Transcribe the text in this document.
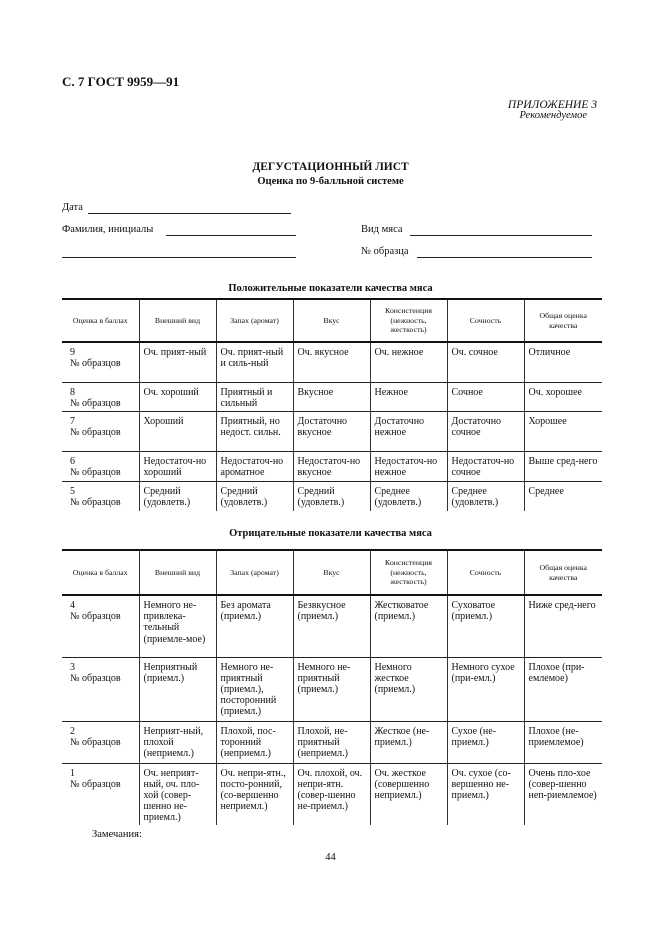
С. 7 ГОСТ 9959—91
ПРИЛОЖЕНИЕ 3
Рекомендуемое
ДЕГУСТАЦИОННЫЙ ЛИСТ
Оценка по 9-балльной системе
Дата
Фамилия, инициалы	Вид мяса
№ образца
Положительные показатели качества мяса
Оценка в баллах	Внешний вид	Запах (аромат)	Вкус	Консистенция (нежность, жесткость)	Сочность	Общая оценка качества

9
№ образцов	Оч. прият-ный	Оч. прият-ный и силь-ный	Оч. вкусное	Оч. нежное	Оч. сочное	Отличное

8
№ образцов	Оч. хороший	Приятный и сильный	Вкусное	Нежное	Сочное	Оч. хорошее

7
№ образцов	Хороший	Приятный, но недост. сильн.	Достаточно вкусное	Достаточно нежное	Достаточно сочное	Хорошее

6
№ образцов	Недостаточ-но хороший	Недостаточ-но ароматное	Недостаточ-но вкусное	Недостаточ-но нежное	Недостаточ-но сочное	Выше сред-него

5
№ образцов	Средний (удовлетв.)	Средний (удовлетв.)	Средний (удовлетв.)	Среднее (удовлетв.)	Среднее (удовлетв.)	Среднее
Отрицательные показатели качества мяса
Оценка в баллах	Внешний вид	Запах (аромат)	Вкус	Консистенция (нежность, жесткость)	Сочность	Общая оценка качества

4
№ образцов	Немного не-привлека-тельный (приемле-мое)	Без аромата (приемл.)	Безвкусное (приемл.)	Жестковатое (приемл.)	Суховатое (приемл.)	Ниже сред-него

3
№ образцов	Неприятный (приемл.)	Немного не-приятный (приемл.), посторонний (приемл.)	Немного не-приятный (приемл.)	Немного жесткое (приемл.)	Немного сухое (при-емл.)	Плохое (при-емлемое)

2
№ образцов	Неприят-ный, плохой (неприемл.)	Плохой, пос-торонний (неприемл.)	Плохой, не-приятный (неприемл.)	Жесткое (не-приемл.)	Сухое (не-приемл.)	Плохое (не-приемлемое)

1
№ образцов	Оч. неприят-ный, оч. пло-хой (совер-шенно не-приемл.)	Оч. непри-ятн., посто-ронний, (со-вершенно неприемл.)	Оч. плохой, оч. непри-ятн. (совер-шенно не-приемл.)	Оч. жесткое (совершенно неприемл.)	Оч. сухое (со-вершенно не-приемл.)	Очень пло-хое (совер-шенно неп-риемлемое)
Замечания:
44
